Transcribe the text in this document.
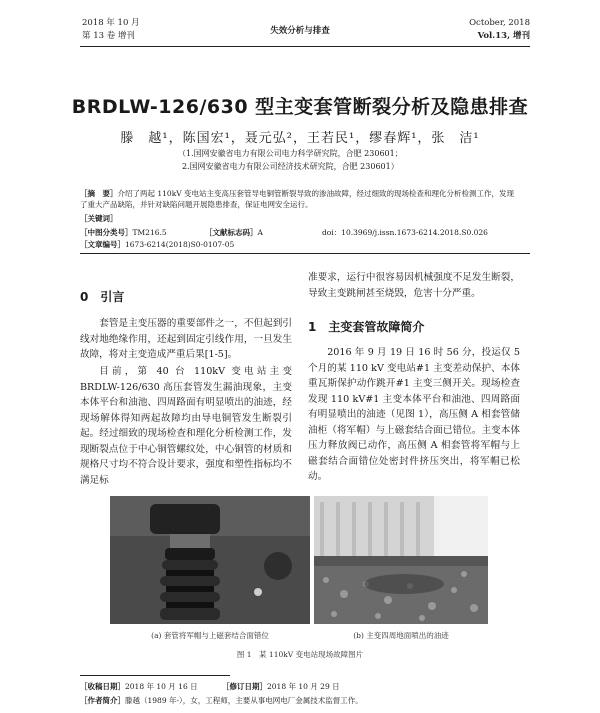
2018 年 10 月
第 13 卷 增刊	失效分析与排查
October, 2018
Vol.13, 增刊
BRDLW-126/630 型主变套管断裂分析及隐患排查
滕　越¹，陈国宏¹，聂元弘²，王若民¹，缪春辉¹，张　洁¹
（1.国网安徽省电力有限公司电力科学研究院，合肥 230601；
2.国网安徽省电力有限公司经济技术研究院，合肥 230601）
［摘　要］介绍了两起 110kV 变电站主变高压套管导电铜管断裂导致的渗油故障，经过细致的现场检查和理化分析检测工作，发现了重大产品缺陷，并针对缺陷问题开展隐患排查，保证电网安全运行。
［关键词］
［中图分类号］TM216.5	［文献标志码］A	doi：10.3969/j.issn.1673-6214.2018.S0.026
［文章编号］1673-6214(2018)S0-0107-05
0　引言
套管是主变压器的重要部件之一，不但起到引线对地绝缘作用，还起到固定引线作用，一旦发生故障，将对主变造成严重后果[1-5]。
目前，第 40 台 110kV 变电站主变 BRDLW-126/630 高压套管发生漏油现象，主变本体平台和油池、四周路面有明显喷出的油迹，经现场解体得知两起故障均由导电铜管发生断裂引起。经过细致的现场检查和理化分析检测工作，发现断裂点位于中心铜管螺纹处，中心铜管的材质和规格尺寸均不符合设计要求，强度和塑性指标均不满足标
准要求，运行中很容易因机械强度不足发生断裂，导致主变跳闸甚至烧毁，危害十分严重。
1　主变套管故障简介
2016 年 9 月 19 日 16 时 56 分，投运仅 5 个月的某 110 kV 变电站#1 主变差动保护、本体重瓦斯保护动作跳开#1 主变三侧开关。现场检查发现 110 kV#1 主变本体平台和油池、四周路面有明显喷出的油迹（见图 1），高压侧 A 相套管储油柜（将军帽）与上磁套结合面已错位。主变本体压力释放阀已动作，高压侧 A 相套管将军帽与上磁套结合面错位处密封件挤压突出，将军帽已松动。
(a) 套管将军帽与上磁套结合面错位	(b) 主变四周地面喷出的油迹
图 1　某 110kV 变电站现场故障图片
［收稿日期］2018 年 10 月 16 日	［修订日期］2018 年 10 月 29 日
［作者简介］滕越（1989 年-），女，工程师，主要从事电网电厂金属技术监督工作。
